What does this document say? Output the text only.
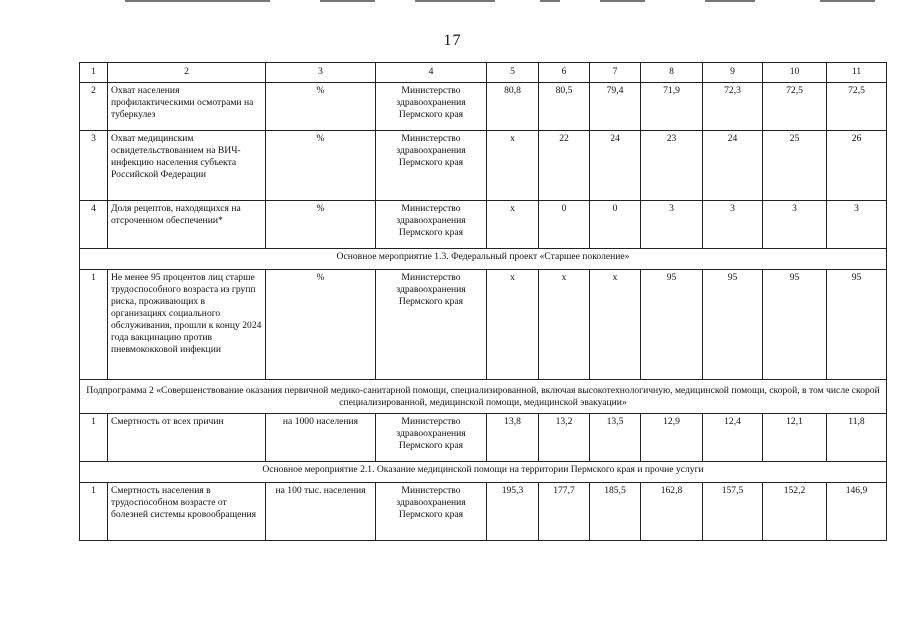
17
1	2	3	4	5	6	7	8	9	10	11
2	Охват населения профилактическими осмотрами на туберкулез	%	Министерство здравоохранения Пермского края	80,8	80,5	79,4	71,9	72,3	72,5	72,5
3	Охват медицинским освидетельствованием на ВИЧ-инфекцию населения субъекта Российской Федерации	%	Министерство здравоохранения Пермского края	х	22	24	23	24	25	26
4	Доля рецептов, находящихся на отсроченном обеспечении*	%	Министерство здравоохранения Пермского края	х	0	0	3	3	3	3
Основное мероприятие 1.3. Федеральный проект «Старшее поколение»										
1	Не менее 95 процентов лиц старше трудоспособного возраста из групп риска, проживающих в организациях социального обслуживания, прошли к концу 2024 года вакцинацию против пневмококковой инфекции	%	Министерство здравоохранения Пермского края	х	х	х	95	95	95	95
Подпрограмма 2 «Совершенствование оказания первичной медико-санитарной помощи, специализированной, включая высокотехнологичную, медицинской помощи, скорой, в том числе скорой специализированной, медицинской помощи, медицинской эвакуации»										
1	Смертность от всех причин	на 1000 населения	Министерство здравоохранения Пермского края	13,8	13,2	13,5	12,9	12,4	12,1	11,8
Основное мероприятие 2.1. Оказание медицинской помощи на территории Пермского края и прочие услуги										
1	Смертность населения в трудоспособном возрасте от болезней системы кровообращения	на 100 тыс. населения	Министерство здравоохранения Пермского края	195,3	177,7	185,5	162,8	157,5	152,2	146,9
